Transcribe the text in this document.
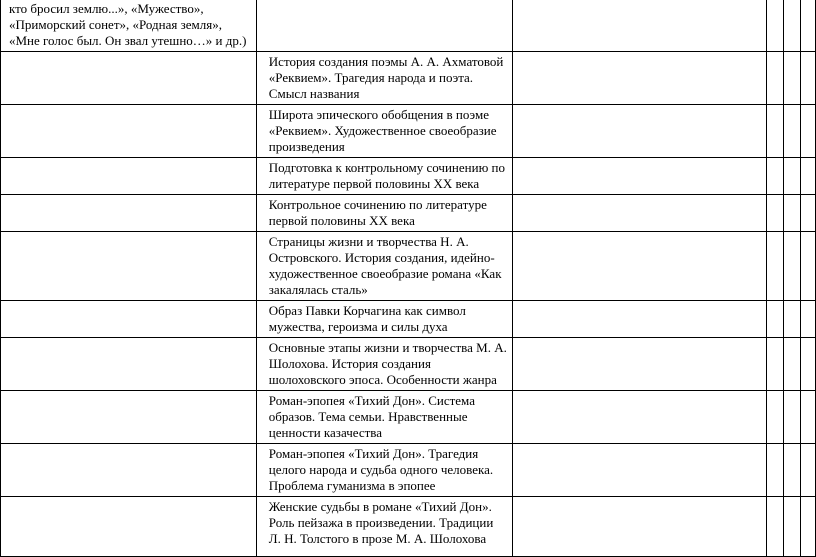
кто бросил землю...», «Мужество», «Приморский сонет», «Родная земля», «Мне голос был. Он звал утешно…» и др.)					

	История создания поэмы А. А. Ахматовой «Реквием». Трагедия народа и поэта. Смысл названия				

	Широта эпического обобщения в поэме «Реквием». Художественное своеобразие произведения				

	Подготовка к контрольному сочинению по литературе первой половины XX века				

	Контрольное сочинению по литературе первой половины XX века				

	Страницы жизни и творчества Н. А. Островского. История создания, идейно-художественное своеобразие романа «Как закалялась сталь»				

	Образ Павки Корчагина как символ мужества, героизма и силы духа				

	Основные этапы жизни и творчества М. А. Шолохова. История создания шолоховского эпоса. Особенности жанра				

	Роман-эпопея «Тихий Дон». Система образов. Тема семьи. Нравственные ценности казачества				

	Роман-эпопея «Тихий Дон». Трагедия целого народа и судьба одного человека. Проблема гуманизма в эпопее				

	Женские судьбы в романе «Тихий Дон». Роль пейзажа в произведении. Традиции Л. Н. Толстого в прозе М. А. Шолохова				
